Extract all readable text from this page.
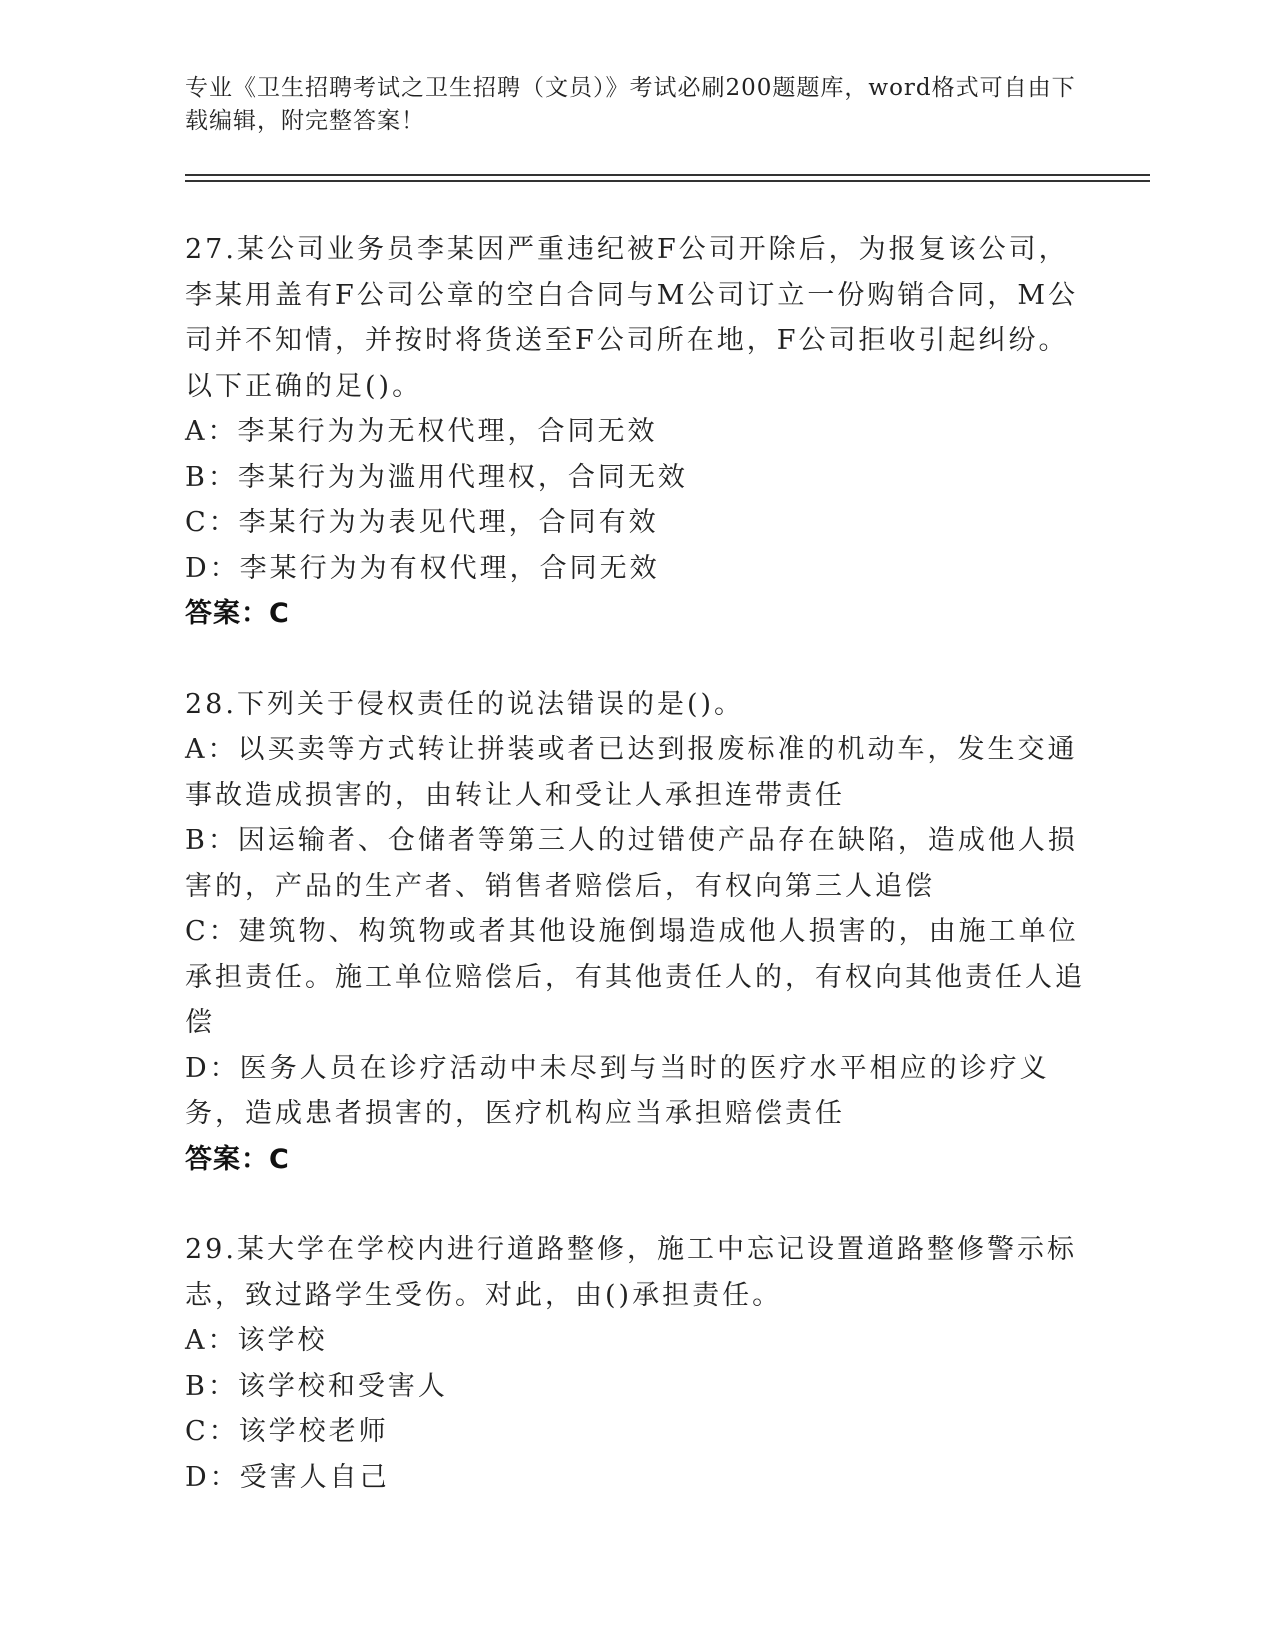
专业《卫生招聘考试之卫生招聘（文员）》考试必刷200题题库，word格式可自由下载编辑，附完整答案！

27.某公司业务员李某因严重违纪被F公司开除后，为报复该公司，李某用盖有F公司公章的空白合同与M公司订立一份购销合同，M公司并不知情，并按时将货送至F公司所在地，F公司拒收引起纠纷。以下正确的足()。

A：李某行为为无权代理，合同无效

B：李某行为为滥用代理权，合同无效

C：李某行为为表见代理，合同有效

D：李某行为为有权代理，合同无效

答案：C

28.下列关于侵权责任的说法错误的是()。

A：以买卖等方式转让拼装或者已达到报废标准的机动车，发生交通事故造成损害的，由转让人和受让人承担连带责任

B：因运输者、仓储者等第三人的过错使产品存在缺陷，造成他人损害的，产品的生产者、销售者赔偿后，有权向第三人追偿

C：建筑物、构筑物或者其他设施倒塌造成他人损害的，由施工单位承担责任。施工单位赔偿后，有其他责任人的，有权向其他责任人追偿

D：医务人员在诊疗活动中未尽到与当时的医疗水平相应的诊疗义务，造成患者损害的，医疗机构应当承担赔偿责任

答案：C

29.某大学在学校内进行道路整修，施工中忘记设置道路整修警示标志，致过路学生受伤。对此，由()承担责任。

A：该学校

B：该学校和受害人

C：该学校老师

D：受害人自己
